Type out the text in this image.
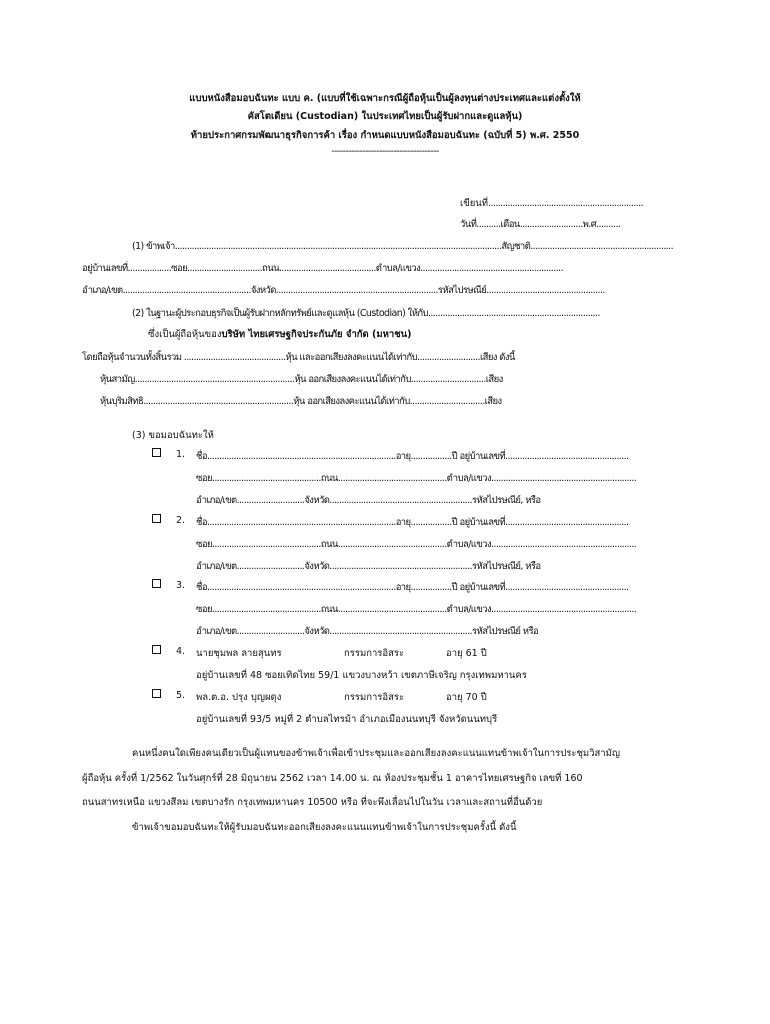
แบบหนังสือมอบฉันทะ แบบ ค. (แบบที่ใช้เฉพาะกรณีผู้ถือหุ้นเป็นผู้ลงทุนต่างประเทศและแต่งตั้งให้
คัสโตเดียน (Custodian) ในประเทศไทยเป็นผู้รับฝากและดูแลหุ้น)
ท้ายประกาศกรมพัฒนาธุรกิจการค้า เรื่อง กำหนดแบบหนังสือมอบฉันทะ (ฉบับที่ 5) พ.ศ. 2550
--------------------------------------
เขียนที่................................................................
วันที่..........เดือน..........................พ.ศ..........
(1) ข้าพเจ้า.......................................................................................................................................สัญชาติ...........................................................
อยู่บ้านเลขที่..................ซอย...............................ถนน........................................ตำบล/แขวง...........................................................
อำเภอ/เขต.....................................................จังหวัด...................................................................รหัสไปรษณีย์.................................................
(2) ในฐานะผู้ประกอบธุรกิจเป็นผู้รับฝากหลักทรัพย์และดูแลหุ้น (Custodian) ให้กับ.......................................................................
ซึ่งเป็นผู้ถือหุ้นของบริษัท ไทยเศรษฐกิจประกันภัย จำกัด (มหาชน)
โดยถือหุ้นจำนวนทั้งสิ้นรวม ..........................................หุ้น และออกเสียงลงคะแนนได้เท่ากับ..........................เสียง ดังนี้
หุ้นสามัญ..................................................................หุ้น ออกเสียงลงคะแนนได้เท่ากับ...............................เสียง
หุ้นบุริมสิทธิ..............................................................หุ้น ออกเสียงลงคะแนนได้เท่ากับ...............................เสียง
(3) ขอมอบฉันทะให้
1. ชื่อ..............................................................................อายุ.................ปี อยู่บ้านเลขที่...................................................
ซอย.............................................ถนน.............................................ตำบล/แขวง............................................................
อำเภอ/เขต............................จังหวัด...........................................................รหัสไปรษณีย์, หรือ
2. ชื่อ..............................................................................อายุ.................ปี อยู่บ้านเลขที่...................................................
ซอย.............................................ถนน.............................................ตำบล/แขวง............................................................
อำเภอ/เขต............................จังหวัด...........................................................รหัสไปรษณีย์, หรือ
3. ชื่อ..............................................................................อายุ.................ปี อยู่บ้านเลขที่...................................................
ซอย.............................................ถนน.............................................ตำบล/แขวง............................................................
อำเภอ/เขต............................จังหวัด...........................................................รหัสไปรษณีย์ หรือ
4. นายชุมพล ลายสุนทร	กรรมการอิสระ	อายุ 61 ปี
อยู่บ้านเลขที่ 48 ซอยเทิดไทย 59/1 แขวงบางหว้า เขตภาษีเจริญ กรุงเทพมหานคร
5. พล.ต.อ. ปรุง บุญผดุง	กรรมการอิสระ	อายุ 70 ปี
อยู่บ้านเลขที่ 93/5 หมู่ที่ 2 ตำบลไทรม้า อำเภอเมืองนนทบุรี จังหวัดนนทบุรี
คนหนึ่งคนใดเพียงคนเดียวเป็นผู้แทนของข้าพเจ้าเพื่อเข้าประชุมและออกเสียงลงคะแนนแทนข้าพเจ้าในการประชุมวิสามัญ
ผู้ถือหุ้น ครั้งที่ 1/2562 ในวันศุกร์ที่ 28 มิถุนายน 2562 เวลา 14.00 น. ณ ห้องประชุมชั้น 1 อาคารไทยเศรษฐกิจ เลขที่ 160
ถนนสาทรเหนือ แขวงสีลม เขตบางรัก กรุงเทพมหานคร 10500 หรือ ที่จะพึงเลื่อนไปในวัน เวลาและสถานที่อื่นด้วย
ข้าพเจ้าขอมอบฉันทะให้ผู้รับมอบฉันทะออกเสียงลงคะแนนแทนข้าพเจ้าในการประชุมครั้งนี้ ดังนี้
